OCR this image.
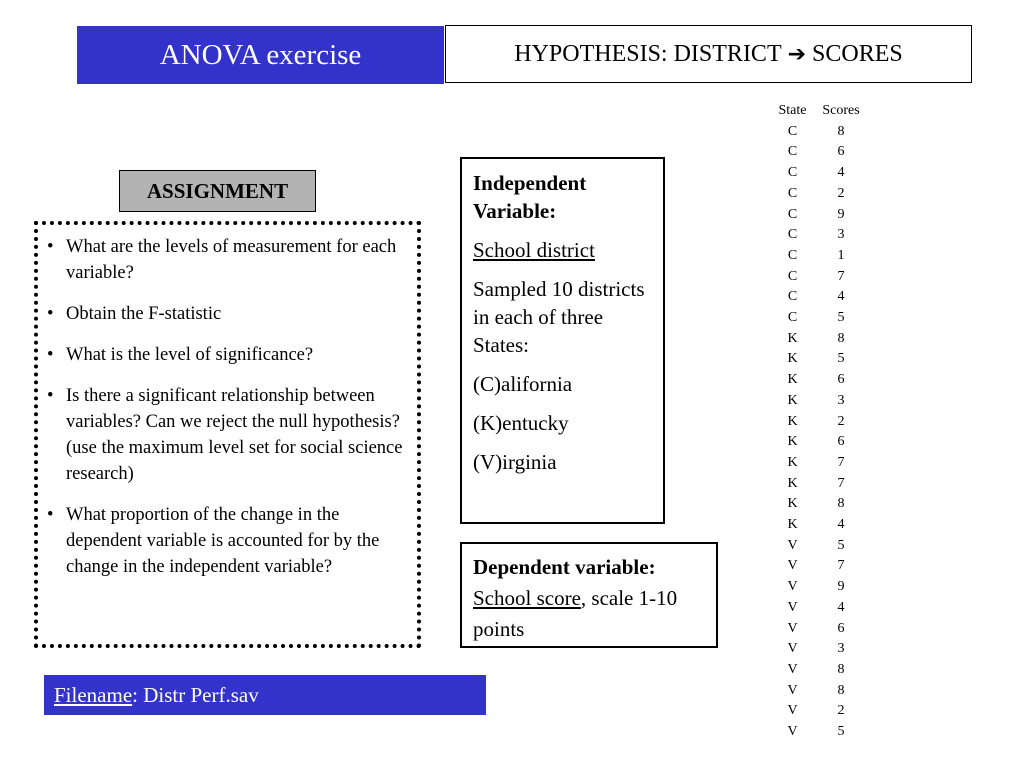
ANOVA exercise	HYPOTHESIS: DISTRICT ➔ SCORES
ASSIGNMENT
• What are the levels of measurement for each variable?
• Obtain the F-statistic
• What is the level of significance?
• Is there a significant relationship between variables? Can we reject the null hypothesis? (use the maximum level set for social science research)
• What proportion of the change in the dependent variable is accounted for by the change in the independent variable?

Independent Variable:

School district

Sampled 10 districts in each of three States:

(C)alifornia

(K)entucky

(V)irginia

Dependent variable:
School score, scale 1-10 points
Filename : Distr Perf.sav
State	Scores
C	8
C	6
C	4
C	2
C	9
C	3
C	1
C	7
C	4
C	5
K	8
K	5
K	6
K	3
K	2
K	6
K	7
K	7
K	8
K	4
V	5
V	7
V	9
V	4
V	6
V	3
V	8
V	8
V	2
V	5
